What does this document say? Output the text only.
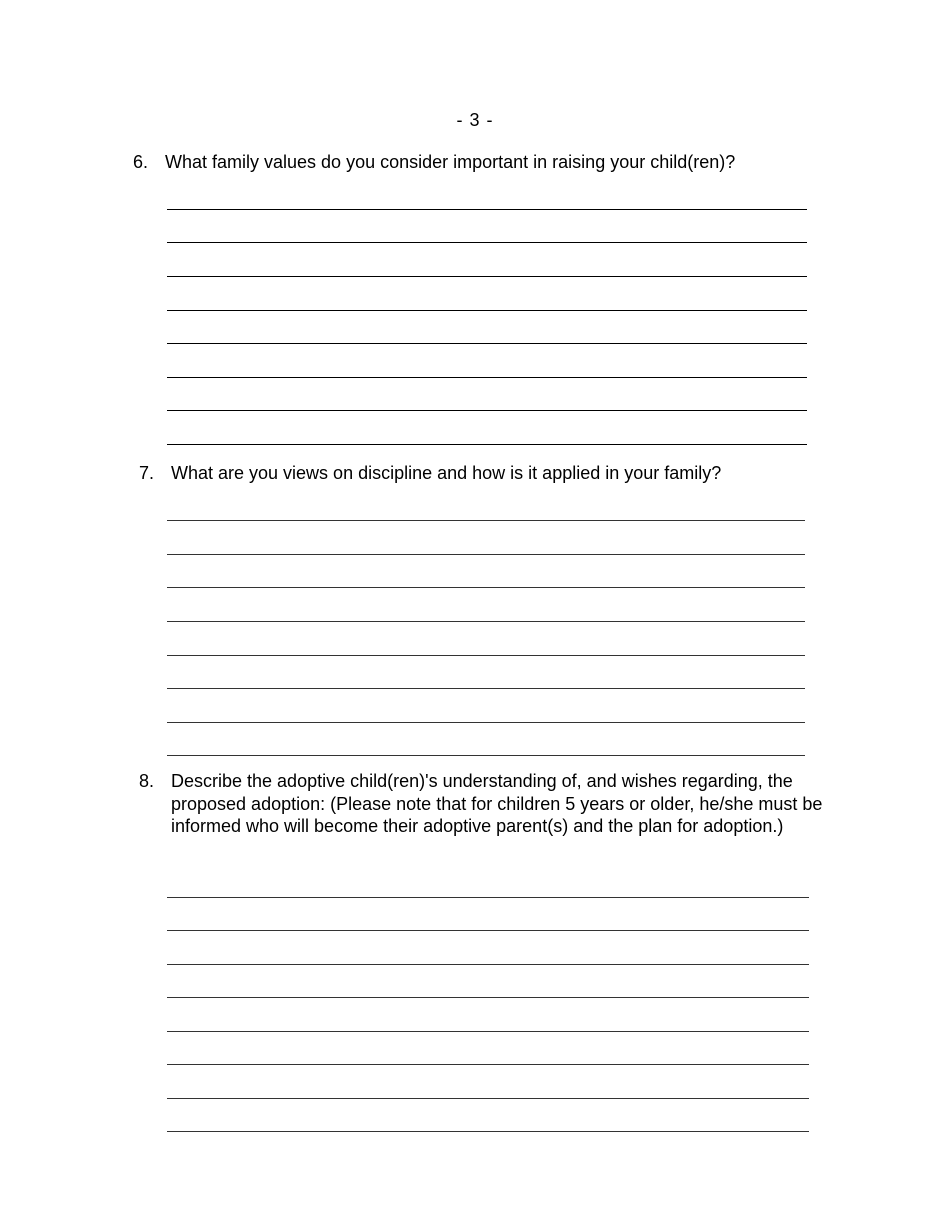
- 3 -
6. What family values do you consider important in raising your child(ren)?
7. What are you views on discipline and how is it applied in your family?
8. Describe the adoptive child(ren)'s understanding of, and wishes regarding, the proposed adoption: (Please note that for children 5 years or older, he/she must be informed who will become their adoptive parent(s) and the plan for adoption.)
